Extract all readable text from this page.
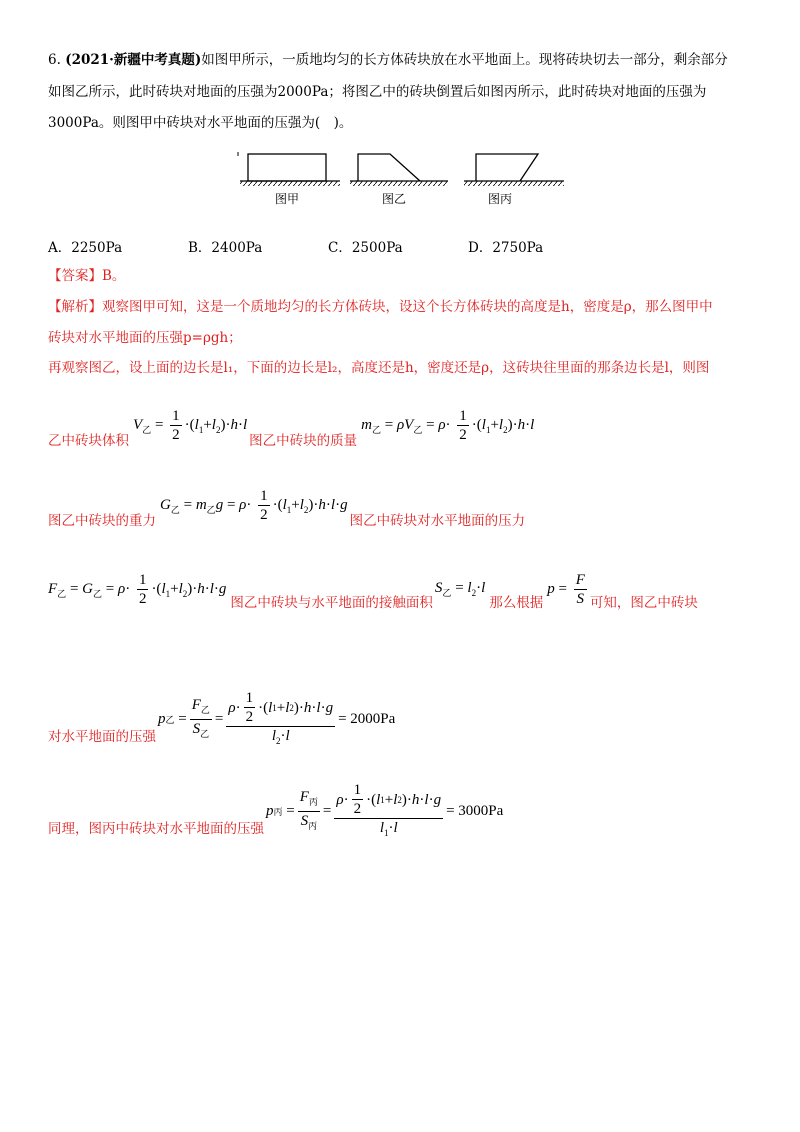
6. (2021·新疆中考真题)如图甲所示，一质地均匀的长方体砖块放在水平地面上。现将砖块切去一部分，剩余部分
如图乙所示，此时砖块对地面的压强为2000Pa；将图乙中的砖块倒置后如图丙所示，此时砖块对地面的压强为
3000Pa。则图甲中砖块对水平地面的压强为(　)。
图甲	图乙	图丙
A．2250Pa	B．2400Pa	C．2500Pa	D．2750Pa
【答案】B。
【解析】观察图甲可知，这是一个质地均匀的长方体砖块，设这个长方体砖块的高度是h，密度是ρ，那么图甲中
砖块对水平地面的压强p=ρgh；
再观察图乙，设上面的边长是l₁，下面的边长是l₂，高度还是h，密度还是ρ，这砖块往里面的那条边长是l，则图
乙中砖块体积
$V_乙 = \frac{1}{2} \cdot(l_1+l_2)\cdot h\cdot l$
图乙中砖块的质量
$m_乙 = \rho V_乙 = \rho\cdot \frac{1}{2} \cdot(l_1+l_2)\cdot h\cdot l$
图乙中砖块的重力
$G_乙 = m_乙g = \rho\cdot \frac{1}{2} \cdot(l_1+l_2)\cdot h\cdot l\cdot g$
图乙中砖块对水平地面的压力
$F_乙 = G_乙 = \rho\cdot \frac{1}{2} \cdot(l_1+l_2)\cdot h\cdot l\cdot g$
图乙中砖块与水平地面的接触面积
$S_乙 = l_2\cdot l$
那么根据
$p = \frac{F}{S}$ 可知，图乙中砖块
对水平地面的压强
p 乙
= $\frac{F_乙}{S_乙} = \frac{\rho \cdot \frac{1}{2} \cdot( l 1 + l 2 )\cdot h \cdot l \cdot g}{l_2\cdot l}$ =
2000Pa
同理，图丙中砖块对水平地面的压强
p 丙
= $\frac{F_丙}{S_丙} = \frac{\rho \cdot \frac{1}{2} \cdot( l 1 + l 2 )\cdot h \cdot l \cdot g}{l_1\cdot l}$ =
3000Pa
